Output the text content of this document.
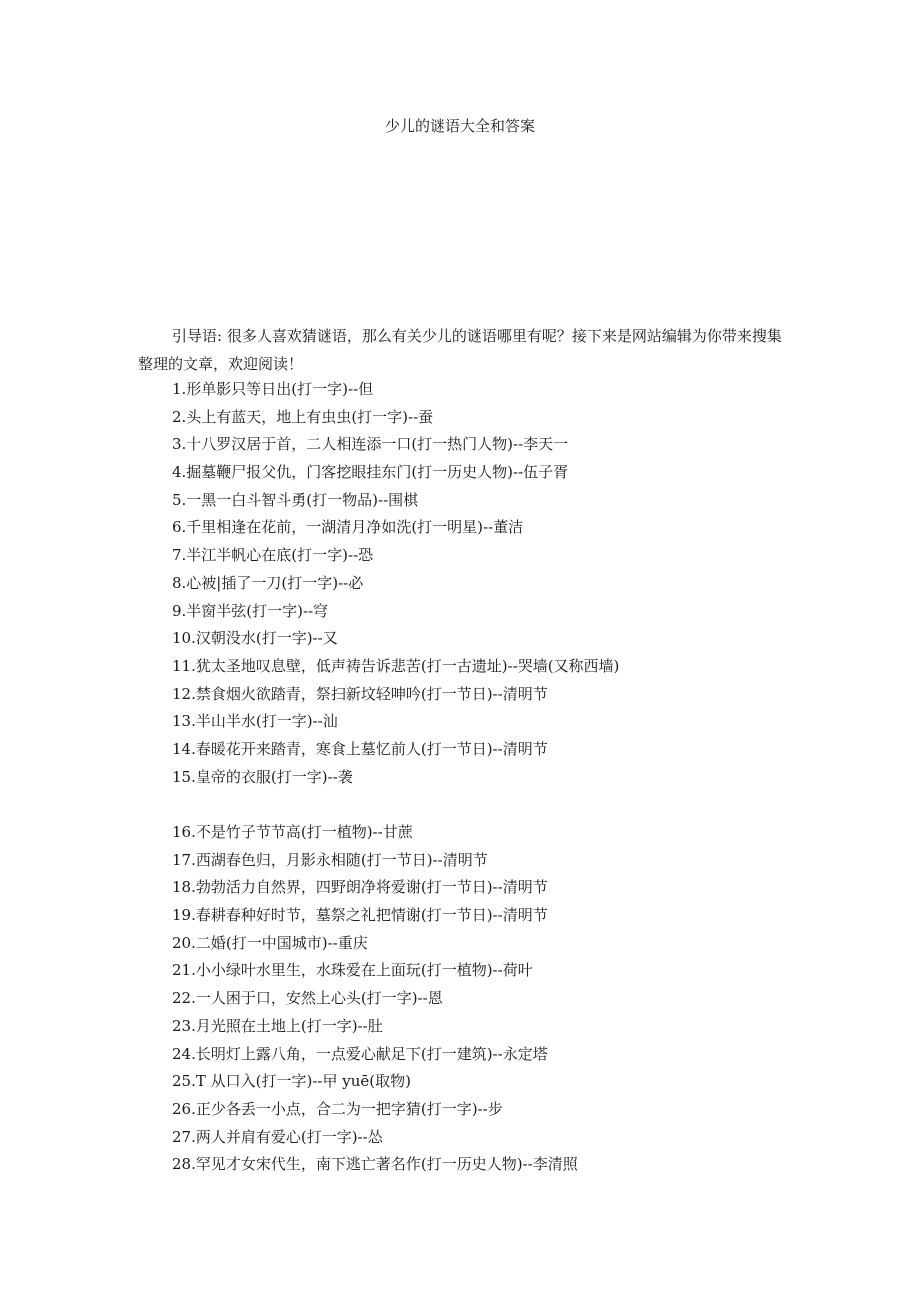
少儿的谜语大全和答案

引导语: 很多人喜欢猜谜语，那么有关少儿的谜语哪里有呢？接下来是网站编辑为你带来搜集整理的文章，欢迎阅读！

1.形单影只等日出(打一字)--但
2.头上有蓝天，地上有虫虫(打一字)--蚕
3.十八罗汉居于首，二人相连添一口(打一热门人物)--李天一
4.掘墓鞭尸报父仇，门客挖眼挂东门(打一历史人物)--伍子胥
5.一黑一白斗智斗勇(打一物品)--围棋
6.千里相逢在花前，一湖清月净如洗(打一明星)--董洁
7.半江半帆心在底(打一字)--恐
8.心被|插了一刀(打一字)--必
9.半窗半弦(打一字)--穹
10.汉朝没水(打一字)--又
11.犹太圣地叹息壁，低声祷告诉悲苦(打一古遗址)--哭墙(又称西墙)
12.禁食烟火欲踏青，祭扫新坟轻呻吟(打一节日)--清明节
13.半山半水(打一字)--汕
14.春暖花开来踏青，寒食上墓忆前人(打一节日)--清明节
15.皇帝的衣服(打一字)--袭
16.不是竹子节节高(打一植物)--甘蔗
17.西湖春色归，月影永相随(打一节日)--清明节
18.勃勃活力自然界，四野朗净将爱谢(打一节日)--清明节
19.春耕春种好时节，墓祭之礼把情谢(打一节日)--清明节
20.二婚(打一中国城市)--重庆
21.小小绿叶水里生，水珠爱在上面玩(打一植物)--荷叶
22.一人困于口，安然上心头(打一字)--恩
23.月光照在土地上(打一字)--肚
24.长明灯上露八角，一点爱心献足下(打一建筑)--永定塔
25.T 从口入(打一字)--曱 yuē(取物)
26.正少各丢一小点，合二为一把字猜(打一字)--步
27.两人并肩有爱心(打一字)--怂
28.罕见才女宋代生，南下逃亡著名作(打一历史人物)--李清照
